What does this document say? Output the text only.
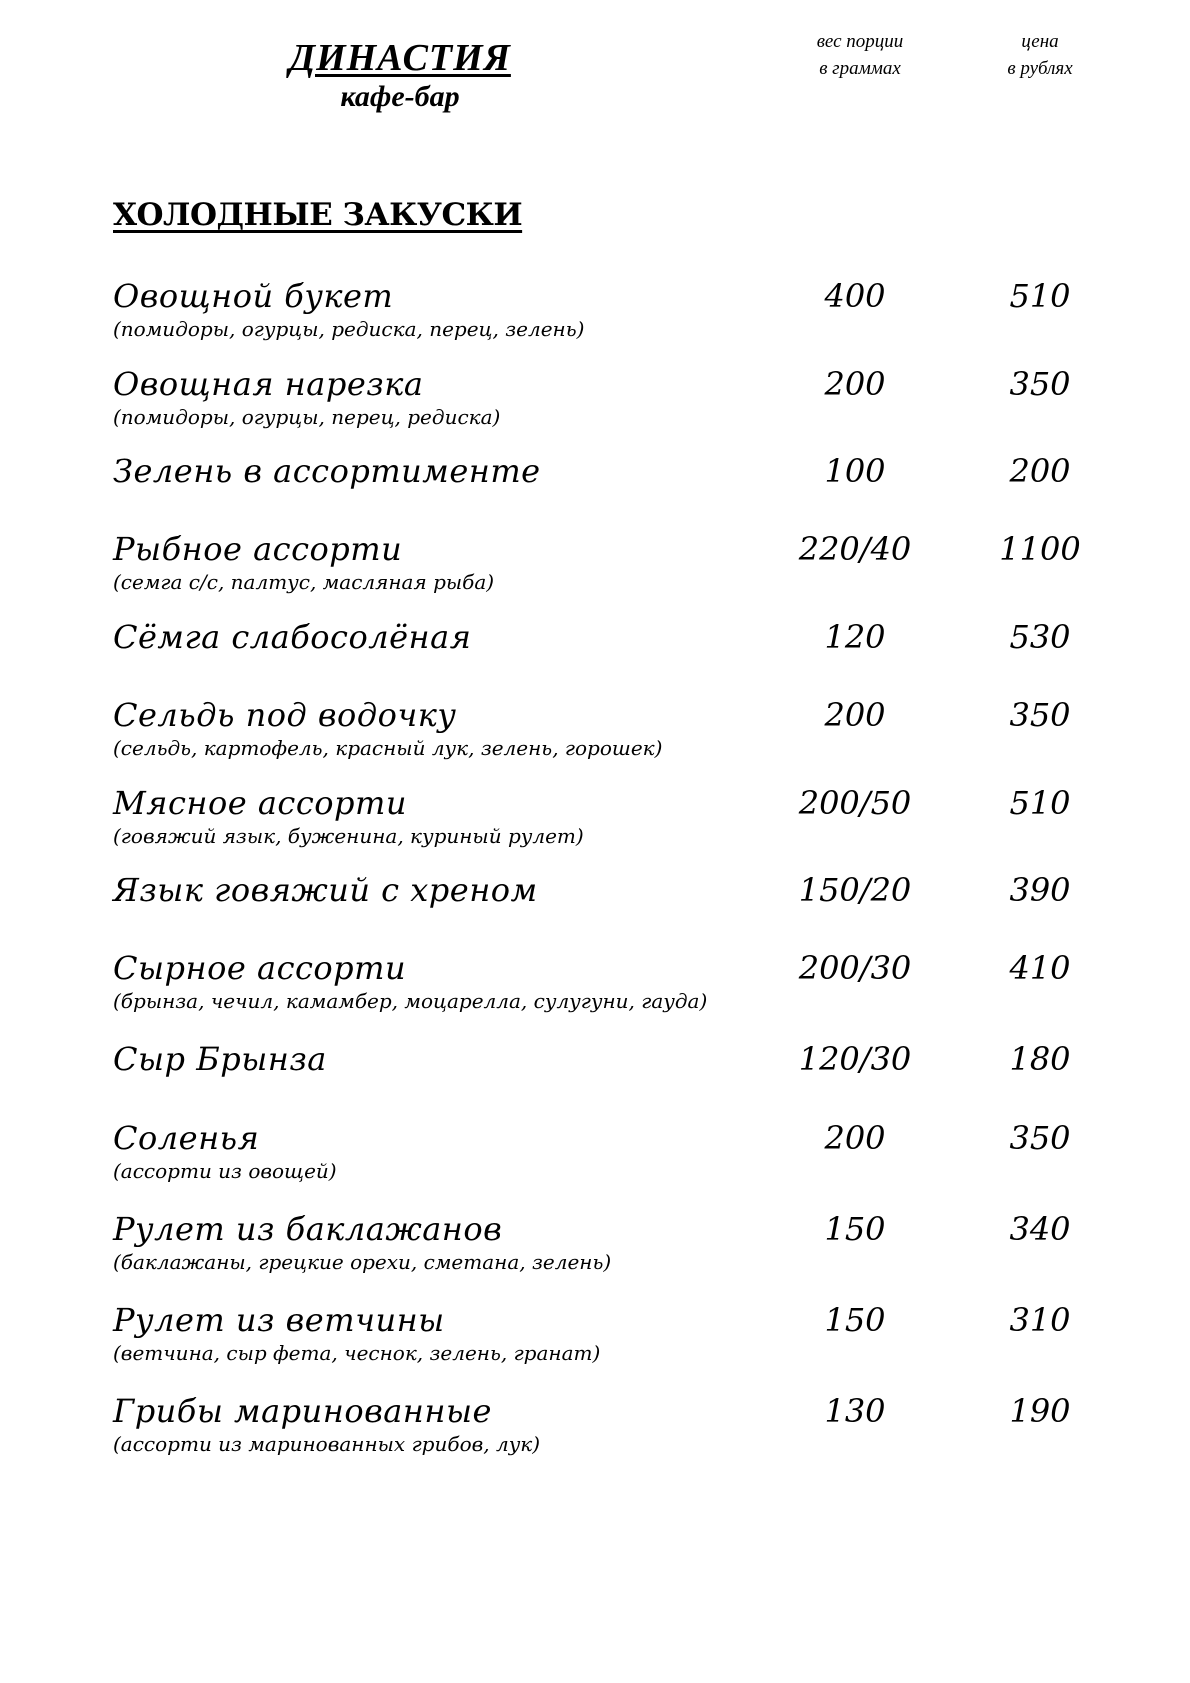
ДИНАСТИЯ
кафе-бар
вес порции
в граммах
цена
в рублях
ХОЛОДНЫЕ ЗАКУСКИ
Овощной букет
(помидоры, огурцы, редиска, перец, зелень)
400	510
Овощная нарезка
(помидоры, огурцы, перец, редиска)
200	350
Зелень в ассортименте	100	200
Рыбное ассорти
(семга с/с, палтус, масляная рыба)
220/40	1100
Сёмга слабосолёная	120	530
Сельдь под водочку
(сельдь, картофель, красный лук, зелень, горошек)
200	350
Мясное ассорти
(говяжий язык, буженина, куриный рулет)
200/50	510
Язык говяжий с хреном	150/20	390
Сырное ассорти
(брынза, чечил, камамбер, моцарелла, сулугуни, гауда)
200/30	410
Сыр Брынза	120/30	180
Соленья
(ассорти из овощей)
200	350
Рулет из баклажанов
(баклажаны, грецкие орехи, сметана, зелень)
150	340
Рулет из ветчины
(ветчина, сыр фета, чеснок, зелень, гранат)
150	310
Грибы маринованные
(ассорти из маринованных грибов, лук)
130	190
